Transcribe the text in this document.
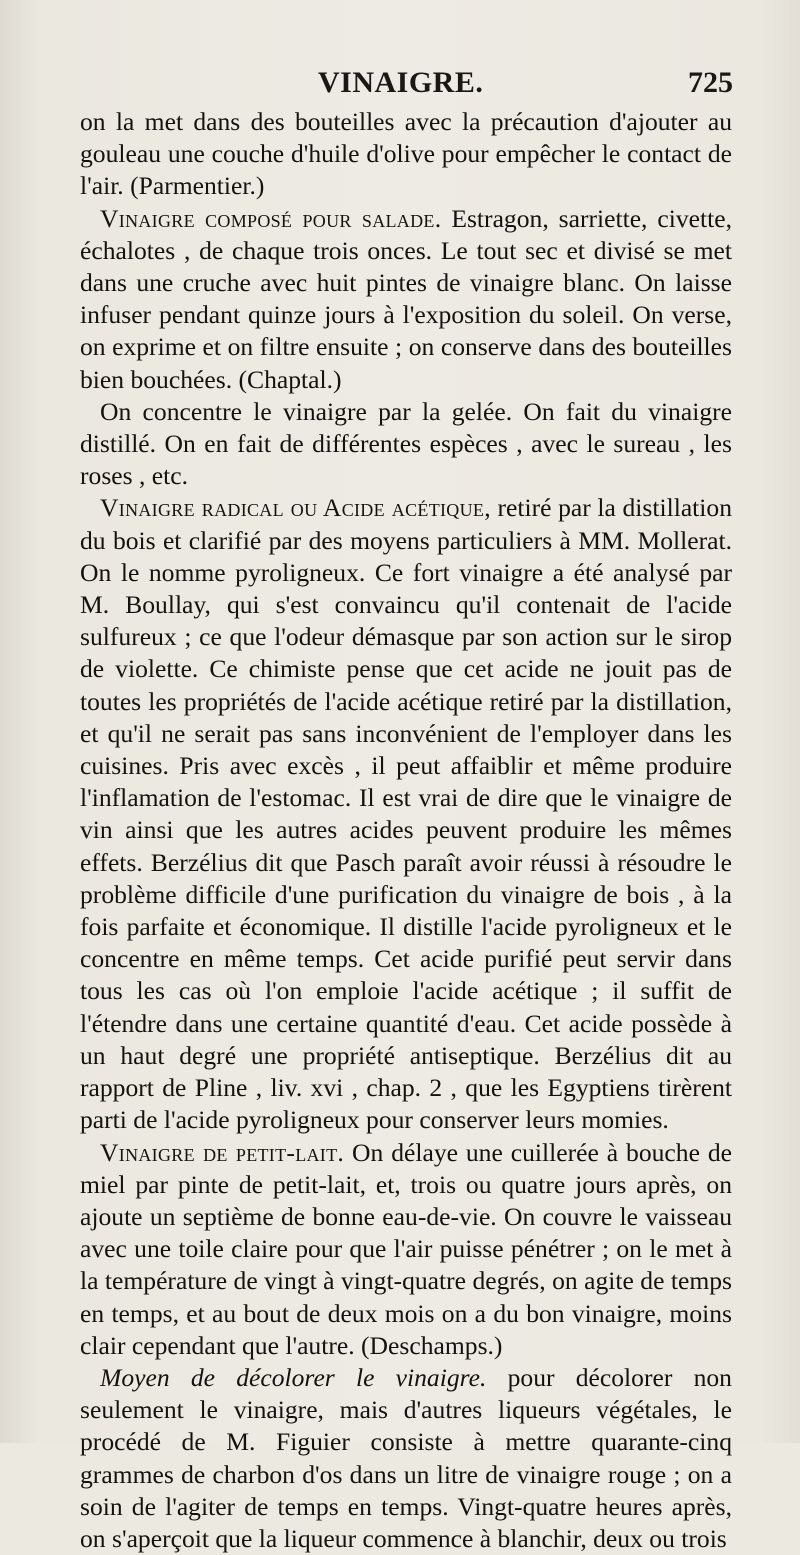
VINAIGRE.	725

on la met dans des bouteilles avec la précaution d'ajouter au gouleau une couche d'huile d'olive pour empêcher le contact de l'air. (Parmentier.)

Vinaigre composé pour salade. Estragon, sarriette, civette, échalotes , de chaque trois onces. Le tout sec et divisé se met dans une cruche avec huit pintes de vinaigre blanc. On laisse infuser pendant quinze jours à l'exposition du soleil. On verse, on exprime et on filtre ensuite ; on conserve dans des bouteilles bien bouchées. (Chaptal.)

On concentre le vinaigre par la gelée. On fait du vinaigre distillé. On en fait de différentes espèces , avec le sureau , les roses , etc.

Vinaigre radical ou Acide acétique, retiré par la distillation du bois et clarifié par des moyens particuliers à MM. Mollerat. On le nomme pyroligneux. Ce fort vinaigre a été analysé par M. Boullay, qui s'est convaincu qu'il contenait de l'acide sulfureux ; ce que l'odeur démasque par son action sur le sirop de violette. Ce chimiste pense que cet acide ne jouit pas de toutes les propriétés de l'acide acétique retiré par la distillation, et qu'il ne serait pas sans inconvénient de l'employer dans les cuisines. Pris avec excès , il peut affaiblir et même produire l'inflamation de l'estomac. Il est vrai de dire que le vinaigre de vin ainsi que les autres acides peuvent produire les mêmes effets. Berzélius dit que Pasch paraît avoir réussi à résoudre le problème difficile d'une purification du vinaigre de bois , à la fois parfaite et économique. Il distille l'acide pyroligneux et le concentre en même temps. Cet acide purifié peut servir dans tous les cas où l'on emploie l'acide acétique ; il suffit de l'étendre dans une certaine quantité d'eau. Cet acide possède à un haut degré une propriété antiseptique. Berzélius dit au rapport de Pline , liv. xvi , chap. 2 , que les Egyptiens tirèrent parti de l'acide pyroligneux pour conserver leurs momies.

Vinaigre de petit-lait. On délaye une cuillerée à bouche de miel par pinte de petit-lait, et, trois ou quatre jours après, on ajoute un septième de bonne eau-de-vie. On couvre le vaisseau avec une toile claire pour que l'air puisse pénétrer ; on le met à la température de vingt à vingt-quatre degrés, on agite de temps en temps, et au bout de deux mois on a du bon vinaigre, moins clair cependant que l'autre. (Deschamps.)

Moyen de décolorer le vinaigre. pour décolorer non seulement le vinaigre, mais d'autres liqueurs végétales, le procédé de M. Figuier consiste à mettre quarante-cinq grammes de charbon d'os dans un litre de vinaigre rouge ; on a soin de l'agiter de temps en temps. Vingt-quatre heures après, on s'aperçoit que la liqueur commence à blanchir, deux ou trois
